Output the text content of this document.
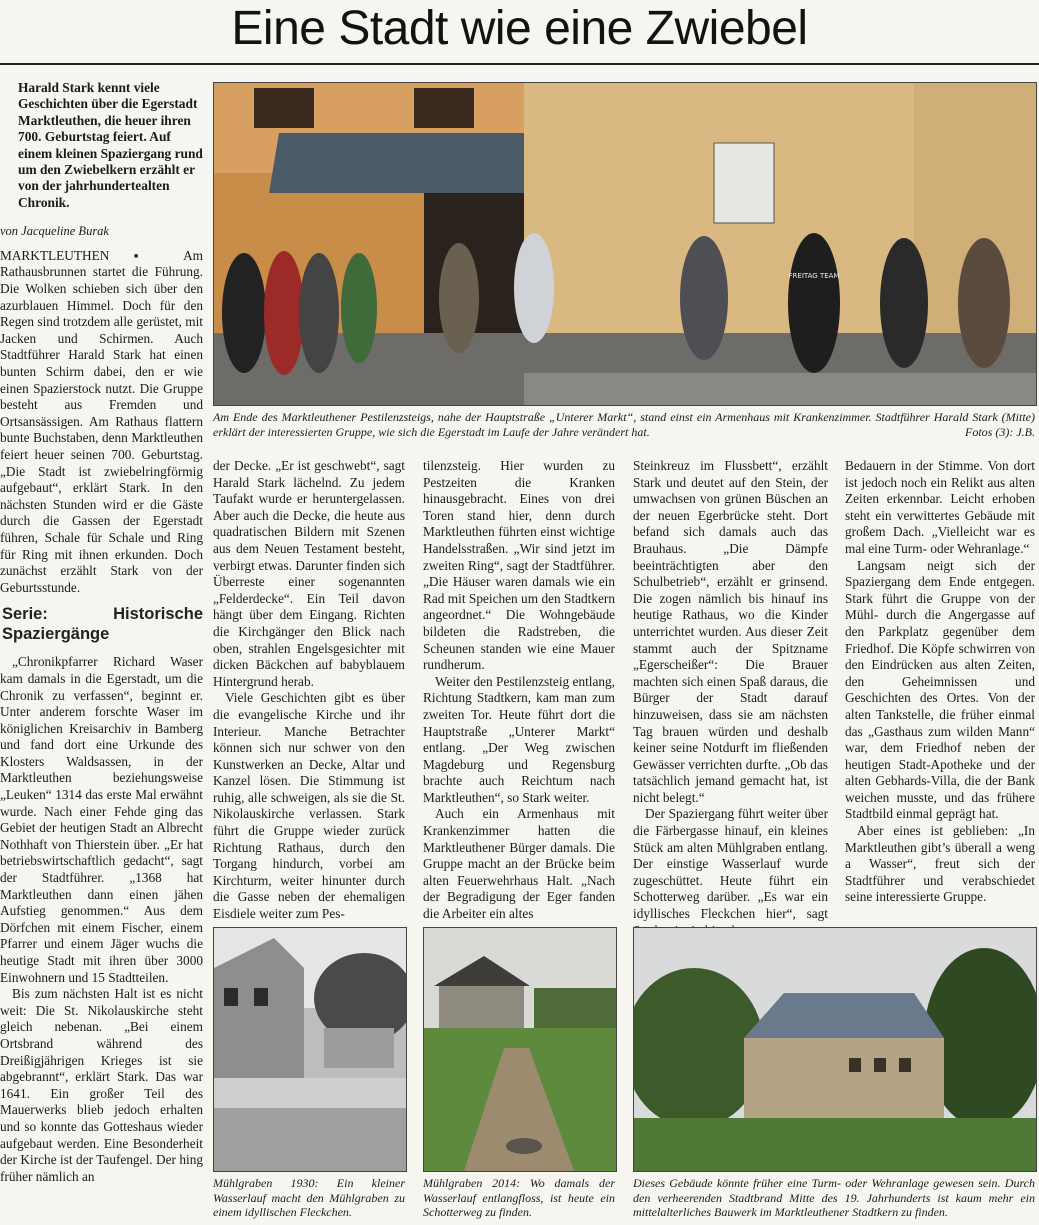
Eine Stadt wie eine Zwiebel

Harald Stark kennt viele Geschichten über die Egerstadt Marktleuthen, die heuer ihren 700. Geburtstag feiert. Auf einem kleinen Spaziergang rund um den Zwiebelkern erzählt er von der jahrhundertealten Chronik.

von Jacqueline Burak

MARKTLEUTHEN ▪ Am Rathausbrunnen startet die Führung. Die Wolken schieben sich über den azurblauen Himmel. Doch für den Regen sind trotzdem alle gerüstet, mit Jacken und Schirmen. Auch Stadtführer Harald Stark hat einen bunten Schirm dabei, den er wie einen Spazierstock nutzt. Die Gruppe besteht aus Fremden und Ortsansässigen. Am Rathaus flattern bunte Buchstaben, denn Marktleuthen feiert heuer seinen 700. Geburtstag. „Die Stadt ist zwiebelringförmig aufgebaut“, erklärt Stark. In den nächsten Stunden wird er die Gäste durch die Gassen der Egerstadt führen, Schale für Schale und Ring für Ring mit ihnen erkunden. Doch zunächst erzählt Stark von der Geburtsstunde.

Serie: Historische Spaziergänge

„Chronikpfarrer Richard Waser kam damals in die Egerstadt, um die Chronik zu verfassen“, beginnt er. Unter anderem forschte Waser im königlichen Kreisarchiv in Bamberg und fand dort eine Urkunde des Klosters Waldsassen, in der Marktleuthen beziehungsweise „Leuken“ 1314 das erste Mal erwähnt wurde. Nach einer Fehde ging das Gebiet der heutigen Stadt an Albrecht Nothhaft von Thierstein über. „Er hat betriebswirtschaftlich gedacht“, sagt der Stadtführer. „1368 hat Marktleuthen dann einen jähen Aufstieg genommen.“ Aus dem Dörfchen mit einem Fischer, einem Pfarrer und einem Jäger wuchs die heutige Stadt mit ihren über 3000 Einwohnern und 15 Stadtteilen.

Bis zum nächsten Halt ist es nicht weit: Die St. Nikolauskirche steht gleich nebenan. „Bei einem Ortsbrand während des Dreißigjährigen Krieges ist sie abgebrannt“, erklärt Stark. Das war 1641. Ein großer Teil des Mauerwerks blieb jedoch erhalten und so konnte das Gotteshaus wieder aufgebaut werden. Eine Besonderheit der Kirche ist der Taufengel. Der hing früher nämlich an

FREITAG TEAM
Am Ende des Marktleuthener Pestilenzsteigs, nahe der Hauptstraße „Unterer Markt“, stand einst ein Armenhaus mit Krankenzimmer. Stadtführer Harald Stark (Mitte) erklärt der interessierten Gruppe, wie sich die Egerstadt im Laufe der Jahre verändert hat.	Fotos (3): J.B.

der Decke. „Er ist geschwebt“, sagt Harald Stark lächelnd. Zu jedem Taufakt wurde er heruntergelassen. Aber auch die Decke, die heute aus quadratischen Bildern mit Szenen aus dem Neuen Testament besteht, verbirgt etwas. Darunter finden sich Überreste einer sogenannten „Felderdecke“. Ein Teil davon hängt über dem Eingang. Richten die Kirchgänger den Blick nach oben, strahlen Engelsgesichter mit dicken Bäckchen auf babyblauem Hintergrund herab.

Viele Geschichten gibt es über die evangelische Kirche und ihr Interieur. Manche Betrachter können sich nur schwer von den Kunstwerken an Decke, Altar und Kanzel lösen. Die Stimmung ist ruhig, alle schweigen, als sie die St. Nikolauskirche verlassen. Stark führt die Gruppe wieder zurück Richtung Rathaus, durch den Torgang hindurch, vorbei am Kirchturm, weiter hinunter durch die Gasse neben der ehemaligen Eisdiele weiter zum Pes-

tilenzsteig. Hier wurden zu Pestzeiten die Kranken hinausgebracht. Eines von drei Toren stand hier, denn durch Marktleuthen führten einst wichtige Handelsstraßen. „Wir sind jetzt im zweiten Ring“, sagt der Stadtführer. „Die Häuser waren damals wie ein Rad mit Speichen um den Stadtkern angeordnet.“ Die Wohngebäude bildeten die Radstreben, die Scheunen standen wie eine Mauer rundherum.

Weiter den Pestilenzsteig entlang, Richtung Stadtkern, kam man zum zweiten Tor. Heute führt dort die Hauptstraße „Unterer Markt“ entlang. „Der Weg zwischen Magdeburg und Regensburg brachte auch Reichtum nach Marktleuthen“, so Stark weiter.

Auch ein Armenhaus mit Krankenzimmer hatten die Marktleuthener Bürger damals. Die Gruppe macht an der Brücke beim alten Feuerwehrhaus Halt. „Nach der Begradigung der Eger fanden die Arbeiter ein altes

Steinkreuz im Flussbett“, erzählt Stark und deutet auf den Stein, der umwachsen von grünen Büschen an der neuen Egerbrücke steht. Dort befand sich damals auch das Brauhaus. „Die Dämpfe beeinträchtigten aber den Schulbetrieb“, erzählt er grinsend. Die zogen nämlich bis hinauf ins heutige Rathaus, wo die Kinder unterrichtet wurden. Aus dieser Zeit stammt auch der Spitzname „Egerscheißer“: Die Brauer machten sich einen Spaß daraus, die Bürger der Stadt darauf hinzuweisen, dass sie am nächsten Tag brauen würden und deshalb keiner seine Notdurft im fließenden Gewässer verrichten durfte. „Ob das tatsächlich jemand gemacht hat, ist nicht belegt.“

Der Spaziergang führt weiter über die Färbergasse hinauf, ein kleines Stück am alten Mühlgraben entlang. Der einstige Wasserlauf wurde zugeschüttet. Heute führt ein Schotterweg darüber. „Es war ein idyllisches Fleckchen hier“, sagt

Bedauern in der Stimme. Von dort ist jedoch noch ein Relikt aus alten Zeiten erkennbar. Leicht erhoben steht ein verwittertes Gebäude mit großem Dach. „Vielleicht war es mal eine Turm- oder Wehranlage.“

Langsam neigt sich der Spaziergang dem Ende entgegen. Stark führt die Gruppe von der Mühl- durch die Angergasse auf den Parkplatz gegenüber dem Friedhof. Die Köpfe schwirren von den Eindrücken aus alten Zeiten, den Geheimnissen und Geschichten des Ortes. Von der alten Tankstelle, die früher einmal das „Gasthaus zum wilden Mann“ war, dem Friedhof neben der heutigen Stadt-Apotheke und der alten Gebhards-Villa, die der Bank weichen musste, und das frühere Stadtbild einmal geprägt hat.

Aber eines ist geblieben: „In Marktleuthen gibt’s überall a weng a Wasser“, freut sich der Stadtführer und verabschiedet seine interessierte Gruppe.

Mühlgraben 1930: Ein kleiner Wasserlauf macht den Mühlgraben zu einem idyllischen Fleckchen.
Mühlgraben 2014: Wo damals der Wasserlauf entlangfloss, ist heute ein Schotterweg zu finden.
Dieses Gebäude könnte früher eine Turm- oder Wehranlage gewesen sein. Durch den verheerenden Stadtbrand Mitte des 19. Jahrhunderts ist kaum mehr ein mittelalterliches Bauwerk im Marktleuthener Stadtkern zu finden.
